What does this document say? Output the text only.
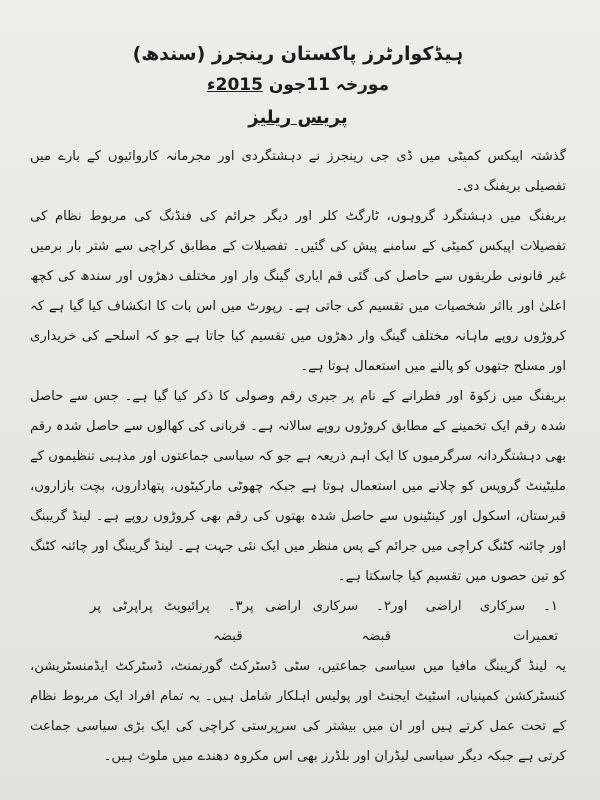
ہیڈکوارٹرز پاکستان رینجرز (سندھ)
مورخہ 11جون 2015ء
پریس ریلیز

گذشتہ اپیکس کمیٹی میں ڈی جی رینجرز نے دہشتگردی اور مجرمانہ کاروائیوں کے بارے میں تفصیلی بریفنگ دی۔

بریفنگ میں دہشتگرد گروہوں، ٹارگٹ کلر اور دیگر جرائم کی فنڈنگ کی مربوط نظام کی تفصیلات اپیکس کمیٹی کے سامنے پیش کی گئیں۔ تفصیلات کے مطابق کراچی سے شتر بار برمیں غیر قانونی طریقوں سے حاصل کی گئی قم ایاری گینگ وار اور مختلف دھڑوں اور سندھ کی کچھ اعلیٰ اور بااثر شخصیات میں تقسیم کی جاتی ہے۔ رپورٹ میں اس بات کا انکشاف کیا گیا ہے کہ کروڑوں روپے ماہانہ مختلف گینگ وار دھڑوں میں تقسیم کیا جاتا ہے جو کہ اسلحے کی خریداری اور مسلح جتھوں کو پالنے میں استعمال ہوتا ہے۔

بریفنگ میں زکوۃ اور فطرانے کے نام پر جبری رقم وصولی کا ذکر کیا گیا ہے۔ جس سے حاصل شدہ رقم ایک تخمینے کے مطابق کروڑوں روپے سالانہ ہے۔ قربانی کی کھالوں سے حاصل شدہ رقم بھی دہشتگردانہ سرگرمیوں کا ایک اہم ذریعہ ہے جو کہ سیاسی جماعتوں اور مذہبی تنظیموں کے ملیٹینٹ گروپس کو چلانے میں استعمال ہوتا ہے جبکہ چھوٹی مارکیٹوں، پتھاداروں، بچت بازاروں، قبرستان، اسکول اور کینٹینوں سے حاصل شدہ بھتوں کی رقم بھی کروڑوں روپے ہے۔ لینڈ گریبنگ اور چائنہ کٹنگ کراچی میں جرائم کے پس منظر میں ایک نئی جہت ہے۔ لینڈ گریبنگ اور چائنہ کٹنگ کو تین حصوں میں تقسیم کیا جاسکتا ہے۔

۱۔سرکاری اراضی اور تعمیرات
۲۔سرکاری اراضی پر قبضہ
۳۔پرائیویٹ پراپرٹی پر قبضہ

یہ لینڈ گریبنگ مافیا میں سیاسی جماعتیں، سٹی ڈسٹرکٹ گورنمنٹ، ڈسٹرکٹ ایڈمنسٹریشن، کنسٹرکشن کمپنیاں، اسٹیٹ ایجنٹ اور پولیس اہلکار شامل ہیں۔ یہ تمام افراد ایک مربوط نظام کے تحت عمل کرتے ہیں اور ان میں بیشتر کی سرپرستی کراچی کی ایک بڑی سیاسی جماعت کرتی ہے جبکہ دیگر سیاسی لیڈران اور بلڈرز بھی اس مکروہ دھندے میں ملوث ہیں۔
